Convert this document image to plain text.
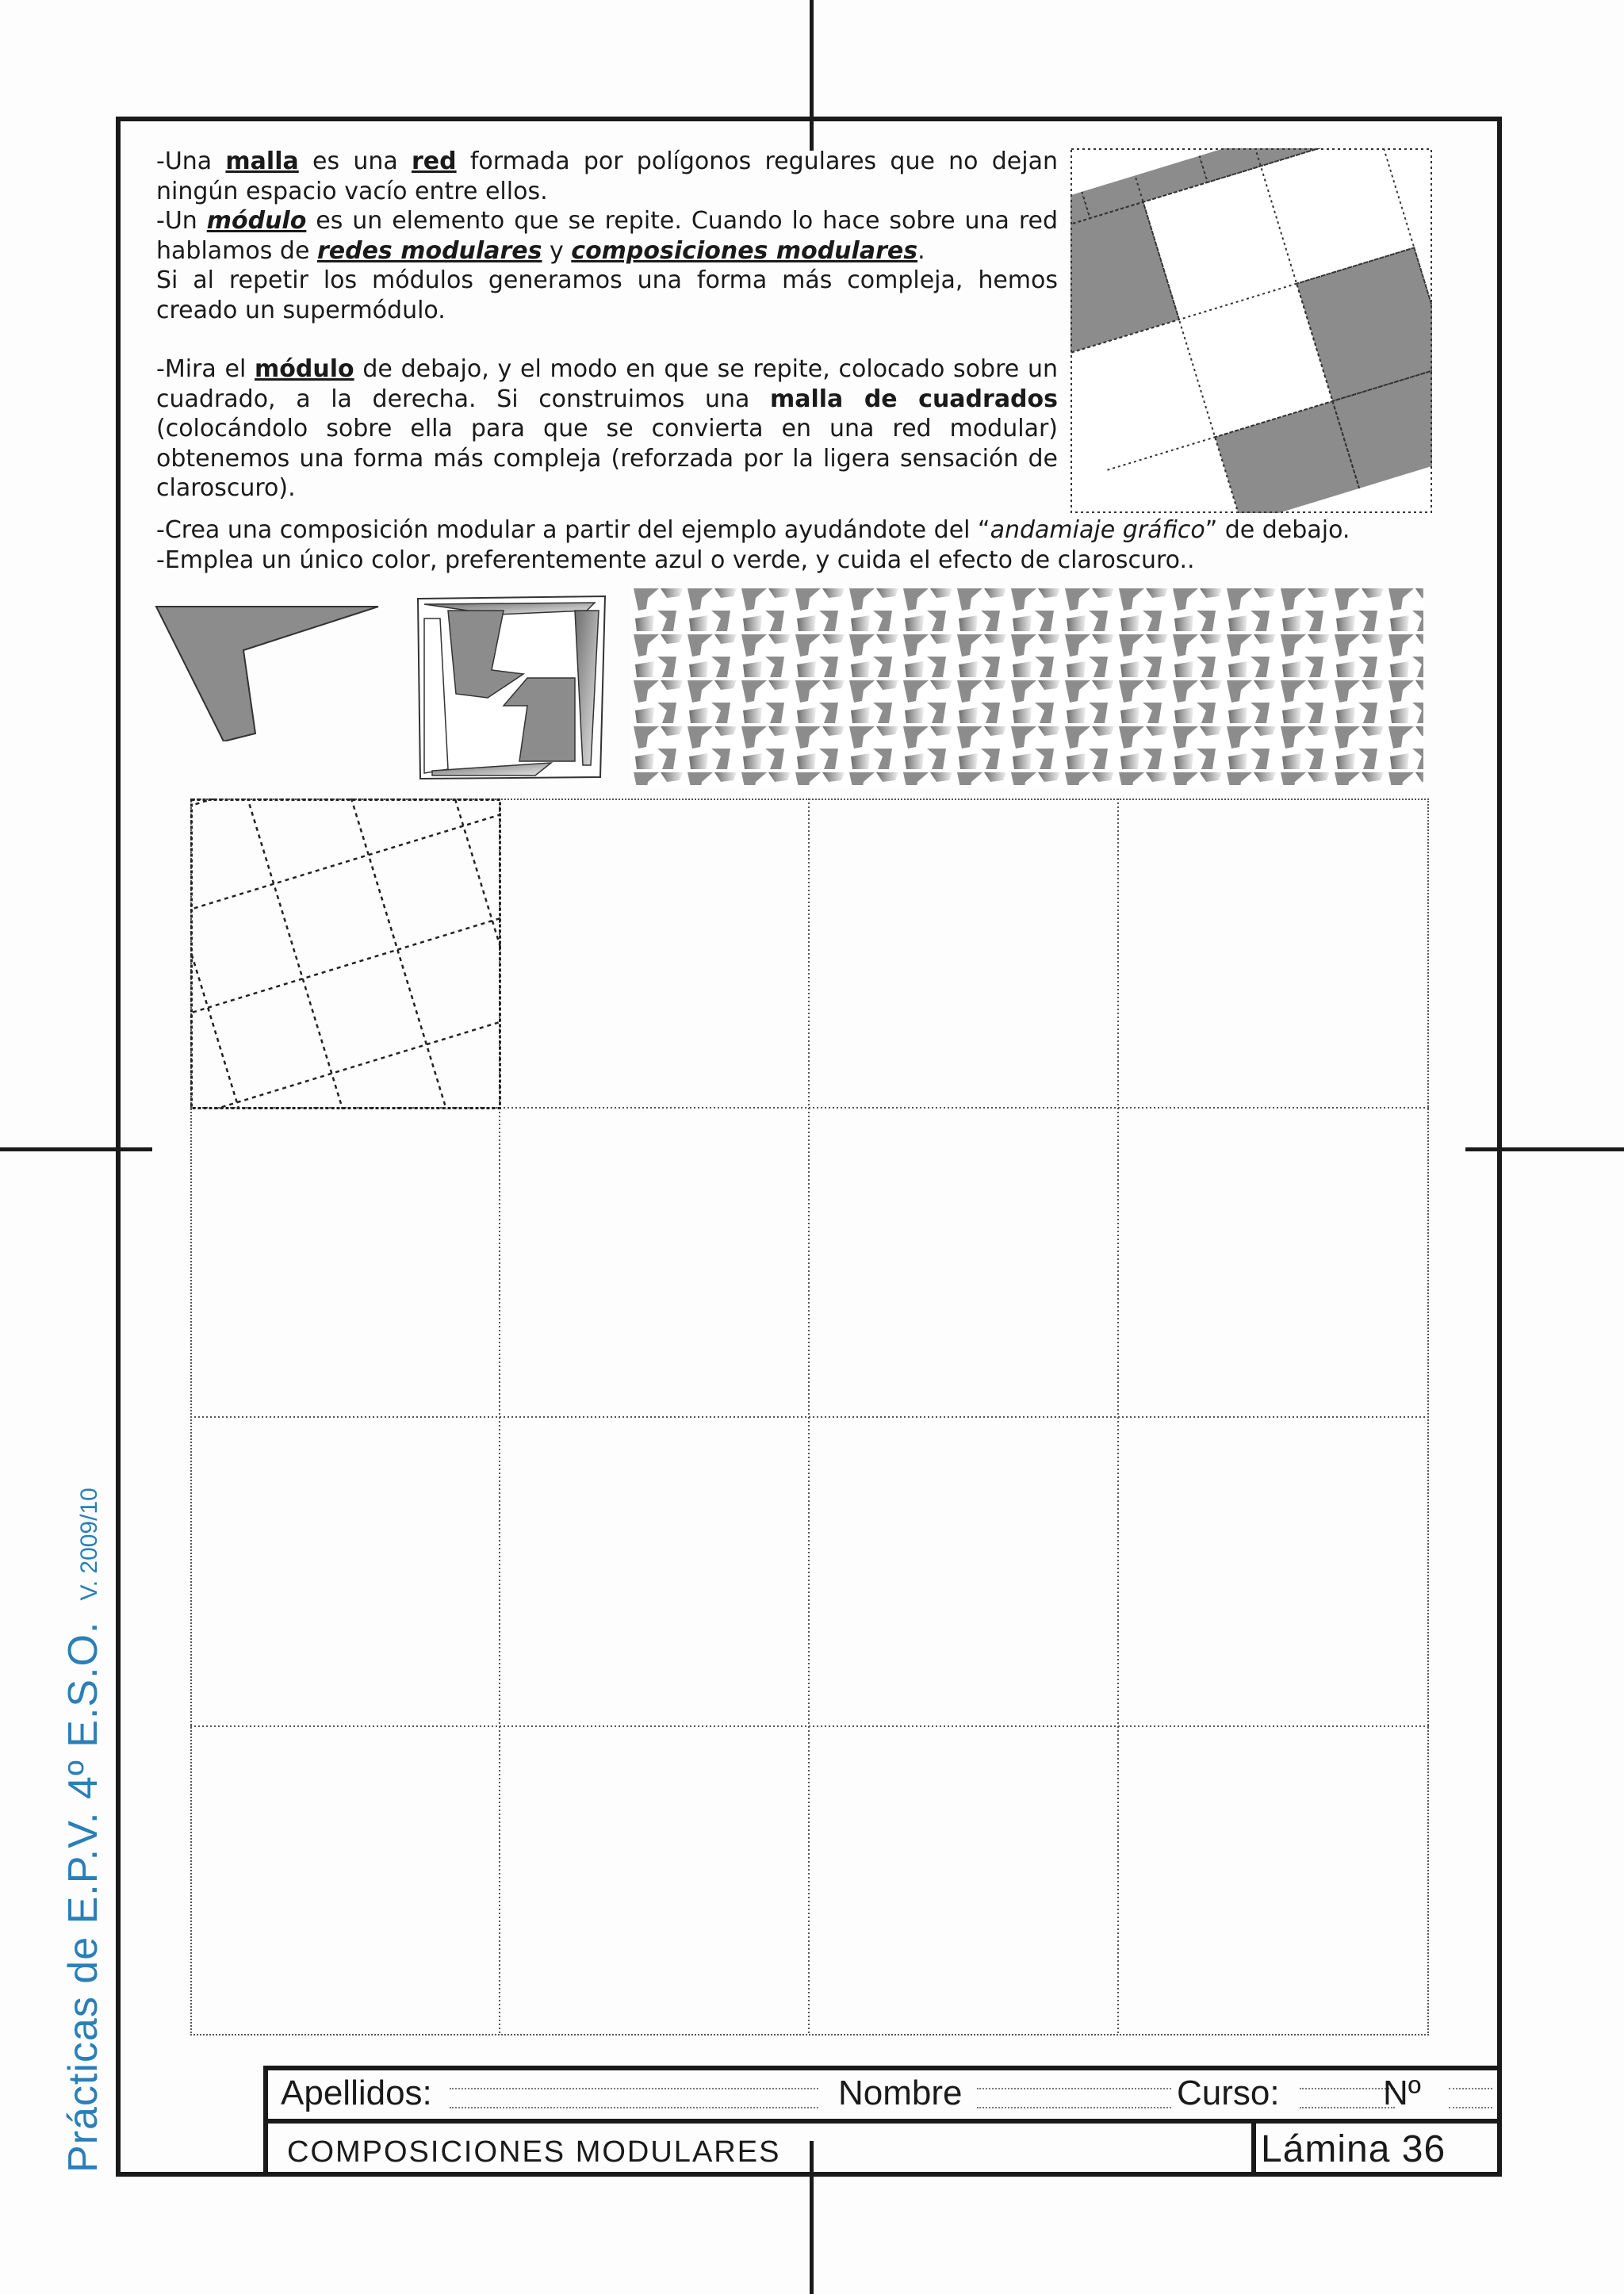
-Una malla es una red formada por polígonos regulares que no dejan ningún espacio vacío entre ellos.

-Un módulo es un elemento que se repite. Cuando lo hace sobre una red hablamos de redes modulares y composiciones modulares.

Si al repetir los módulos generamos una forma más compleja, hemos creado un supermódulo.

-Mira el módulo de debajo, y el modo en que se repite, colocado sobre un cuadrado, a la derecha. Si construimos una malla de cuadrados (colocándolo sobre ella para que se convierta en una red modular) obtenemos una forma más compleja (reforzada por la ligera sensación de claroscuro).

-Crea una composición modular a partir del ejemplo ayudándote del “andamiaje gráfico” de debajo.

-Emplea un único color, preferentemente azul o verde, y cuida el efecto de claroscuro..

Prácticas de E.P.V. 4º E.S.O.V. 2009/10
Apellidos:	Nombre	Curso:	Nº
COMPOSICIONES MODULARES	Lámina 36
